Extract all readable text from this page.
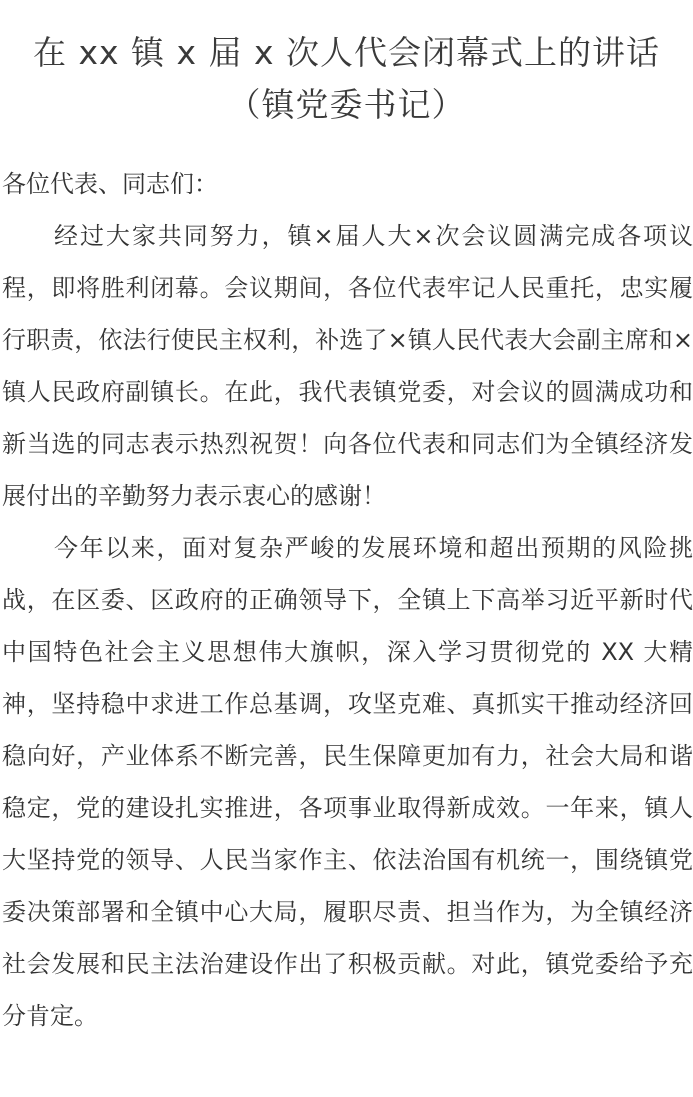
在 xx 镇 x 届 x 次人代会闭幕式上的讲话
（镇党委书记）

各位代表、同志们：

经过大家共同努力，镇×届人大×次会议圆满完成各项议程，即将胜利闭幕。会议期间，各位代表牢记人民重托，忠实履行职责，依法行使民主权利，补选了×镇人民代表大会副主席和×镇人民政府副镇长。在此，我代表镇党委，对会议的圆满成功和新当选的同志表示热烈祝贺！向各位代表和同志们为全镇经济发展付出的辛勤努力表示衷心的感谢！

今年以来，面对复杂严峻的发展环境和超出预期的风险挑战，在区委、区政府的正确领导下，全镇上下高举习近平新时代中国特色社会主义思想伟大旗帜，深入学习贯彻党的 XX 大精神，坚持稳中求进工作总基调，攻坚克难、真抓实干推动经济回稳向好，产业体系不断完善，民生保障更加有力，社会大局和谐稳定，党的建设扎实推进，各项事业取得新成效。一年来，镇人大坚持党的领导、人民当家作主、依法治国有机统一，围绕镇党委决策部署和全镇中心大局，履职尽责、担当作为，为全镇经济社会发展和民主法治建设作出了积极贡献。对此，镇党委给予充分肯定。
